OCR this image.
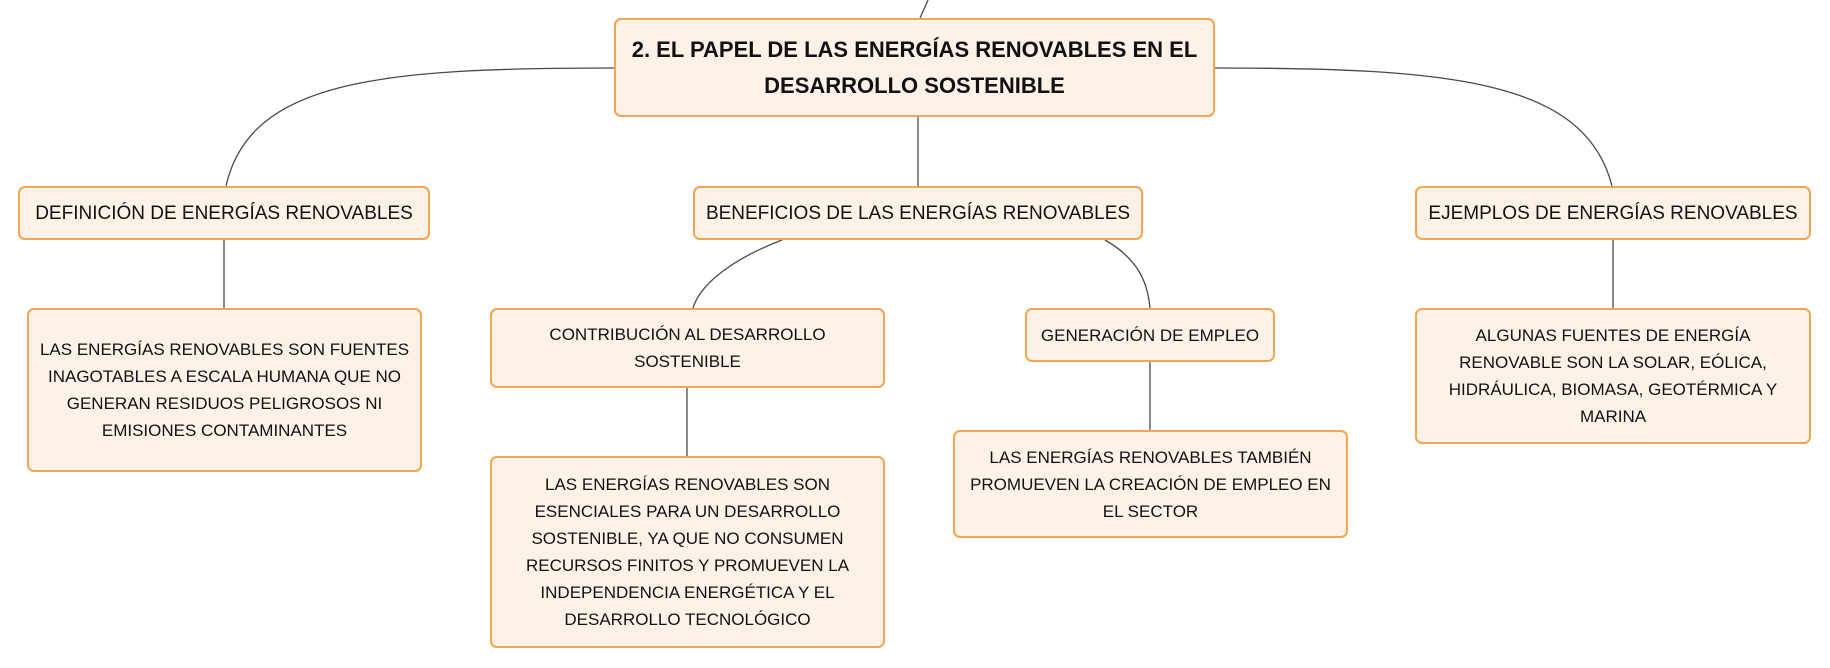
2. EL PAPEL DE LAS ENERGÍAS RENOVABLES EN EL DESARROLLO SOSTENIBLE
DEFINICIÓN DE ENERGÍAS RENOVABLES	BENEFICIOS DE LAS ENERGÍAS RENOVABLES	EJEMPLOS DE ENERGÍAS RENOVABLES
LAS ENERGÍAS RENOVABLES SON FUENTES INAGOTABLES A ESCALA HUMANA QUE NO GENERAN RESIDUOS PELIGROSOS NI EMISIONES CONTAMINANTES
CONTRIBUCIÓN AL DESARROLLO SOSTENIBLE
GENERACIÓN DE EMPLEO
LAS ENERGÍAS RENOVABLES SON ESENCIALES PARA UN DESARROLLO SOSTENIBLE, YA QUE NO CONSUMEN RECURSOS FINITOS Y PROMUEVEN LA INDEPENDENCIA ENERGÉTICA Y EL DESARROLLO TECNOLÓGICO
LAS ENERGÍAS RENOVABLES TAMBIÉN PROMUEVEN LA CREACIÓN DE EMPLEO EN EL SECTOR
ALGUNAS FUENTES DE ENERGÍA RENOVABLE SON LA SOLAR, EÓLICA, HIDRÁULICA, BIOMASA, GEOTÉRMICA Y MARINA
